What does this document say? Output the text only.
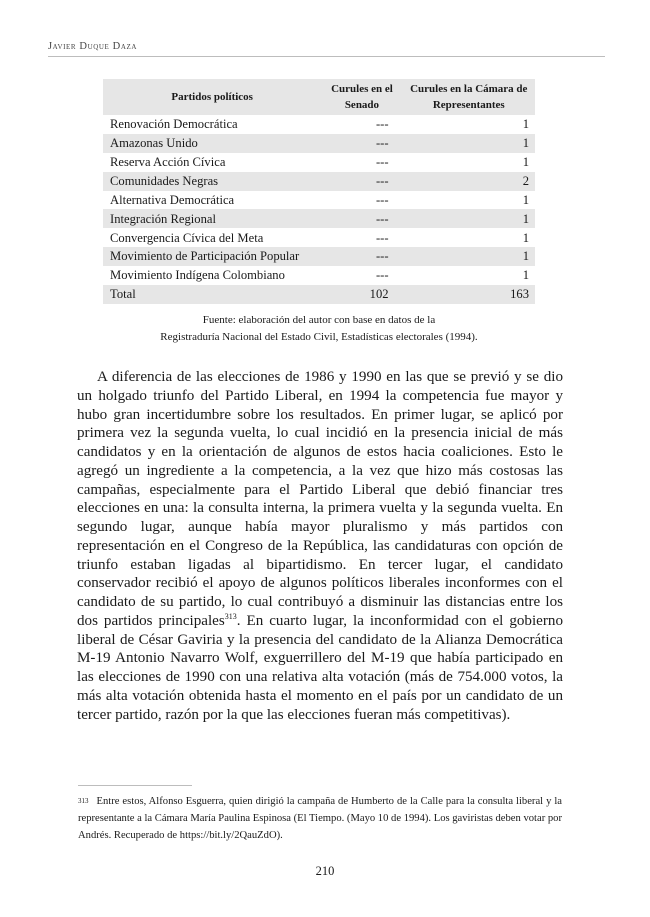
Javier Duque Daza
Partidos políticos	Curules en el Senado	Curules en la Cámara de Representantes
Renovación Democrática	---	1
Amazonas Unido	---	1
Reserva Acción Cívica	---	1
Comunidades Negras	---	2
Alternativa Democrática	---	1
Integración Regional	---	1
Convergencia Cívica del Meta	---	1
Movimiento de Participación Popular	---	1
Movimiento Indígena Colombiano	---	1
Total	102	163
Fuente: elaboración del autor con base en datos de la
Registraduría Nacional del Estado Civil, Estadísticas electorales (1994).

A diferencia de las elecciones de 1986 y 1990 en las que se previó y se dio un holgado triunfo del Partido Liberal, en 1994 la competencia fue mayor y hubo gran incertidumbre sobre los resultados. En primer lugar, se aplicó por primera vez la segunda vuelta, lo cual incidió en la presencia inicial de más candidatos y en la orientación de algunos de estos hacia coaliciones. Esto le agregó un ingrediente a la competencia, a la vez que hizo más costosas las campañas, especialmente para el Partido Liberal que debió financiar tres elecciones en una: la consulta interna, la primera vuelta y la segunda vuelta. En segundo lugar, aunque había mayor pluralismo y más partidos con representación en el Congreso de la República, las candidaturas con opción de triunfo estaban ligadas al bipartidismo. En tercer lugar, el candidato conservador recibió el apoyo de algunos políticos liberales inconformes con el candidato de su partido, lo cual contribuyó a disminuir las distancias entre los dos partidos principales$^{313}$. En cuarto lugar, la inconformidad con el gobierno liberal de César Gaviria y la presencia del candidato de la Alianza Democrática M-19 Antonio Navarro Wolf, exguerrillero del M-19 que había participado en las elecciones de 1990 con una relativa alta votación (más de 754.000 votos, la más alta votación obtenida hasta el momento en el país por un candidato de un tercer partido, razón por la que las elecciones fueran más competitivas).

$^{313}$ Entre estos, Alfonso Esguerra, quien dirigió la campaña de Humberto de la Calle para la consulta liberal y la representante a la Cámara María Paulina Espinosa (El Tiempo. (Mayo 10 de 1994). Los gaviristas deben votar por Andrés. Recuperado de https://bit.ly/2QauZdO).

210
